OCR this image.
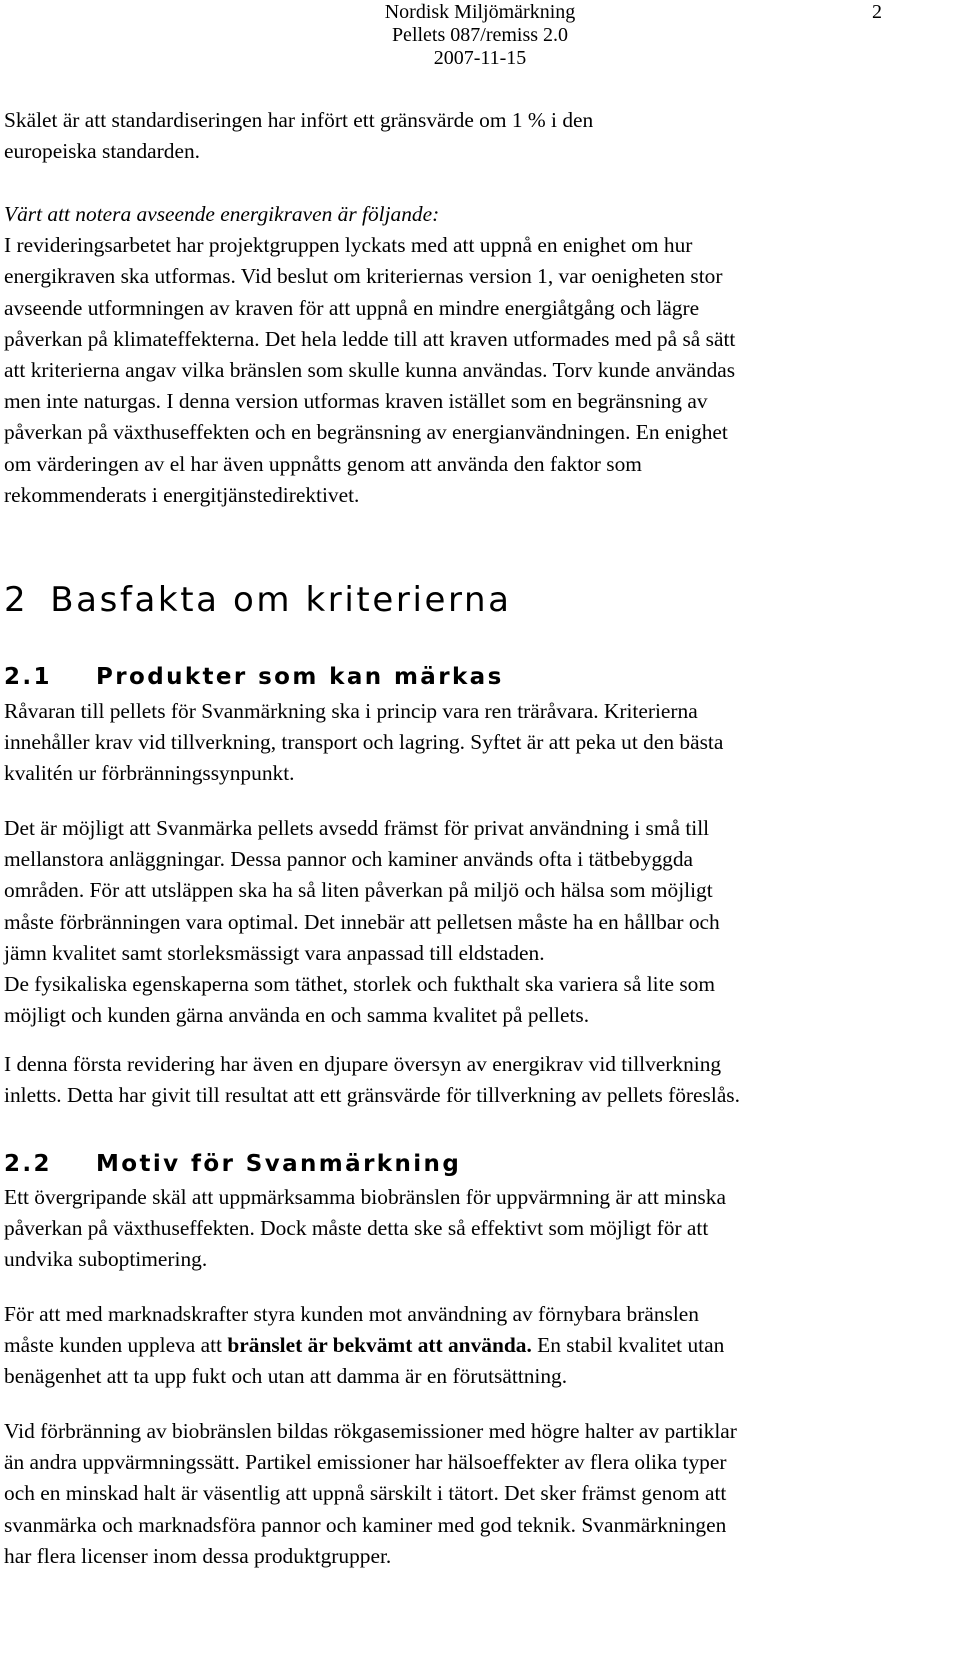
Nordisk Miljömärkning
Pellets 087/remiss 2.0
2007-11-15
2

Skälet är att standardiseringen har infört ett gränsvärde om 1 % i den
europeiska standarden.

Värt att notera avseende energikraven är följande:
I revideringsarbetet har projektgruppen lyckats med att uppnå en enighet om hur
energikraven ska utformas. Vid beslut om kriteriernas version 1, var oenigheten stor
avseende utformningen av kraven för att uppnå en mindre energiåtgång och lägre
påverkan på klimateffekterna. Det hela ledde till att kraven utformades med på så sätt
att kriterierna angav vilka bränslen som skulle kunna användas. Torv kunde användas
men inte naturgas. I denna version utformas kraven istället som en begränsning av
påverkan på växthuseffekten och en begränsning av energianvändningen. En enighet
om värderingen av el har även uppnåtts genom att använda den faktor som
rekommenderats i energitjänstedirektivet.

2 Basfakta om kriterierna
2.1 Produkter som kan märkas

Råvaran till pellets för Svanmärkning ska i princip vara ren träråvara. Kriterierna
innehåller krav vid tillverkning, transport och lagring. Syftet är att peka ut den bästa
kvalitén ur förbränningssynpunkt.

Det är möjligt att Svanmärka pellets avsedd främst för privat användning i små till
mellanstora anläggningar. Dessa pannor och kaminer används ofta i tätbebyggda
områden. För att utsläppen ska ha så liten påverkan på miljö och hälsa som möjligt
måste förbränningen vara optimal. Det innebär att pelletsen måste ha en hållbar och
jämn kvalitet samt storleksmässigt vara anpassad till eldstaden.
De fysikaliska egenskaperna som täthet, storlek och fukthalt ska variera så lite som
möjligt och kunden gärna använda en och samma kvalitet på pellets.

I denna första revidering har även en djupare översyn av energikrav vid tillverkning
inletts. Detta har givit till resultat att ett gränsvärde för tillverkning av pellets föreslås.

2.2 Motiv för Svanmärkning

Ett övergripande skäl att uppmärksamma biobränslen för uppvärmning är att minska
påverkan på växthuseffekten. Dock måste detta ske så effektivt som möjligt för att
undvika suboptimering.

För att med marknadskrafter styra kunden mot användning av förnybara bränslen
måste kunden uppleva att bränslet är bekvämt att använda. En stabil kvalitet utan
benägenhet att ta upp fukt och utan att damma är en förutsättning.

Vid förbränning av biobränslen bildas rökgasemissioner med högre halter av partiklar
än andra uppvärmningssätt. Partikel emissioner har hälsoeffekter av flera olika typer
och en minskad halt är väsentlig att uppnå särskilt i tätort. Det sker främst genom att
svanmärka och marknadsföra pannor och kaminer med god teknik. Svanmärkningen
har flera licenser inom dessa produktgrupper.
